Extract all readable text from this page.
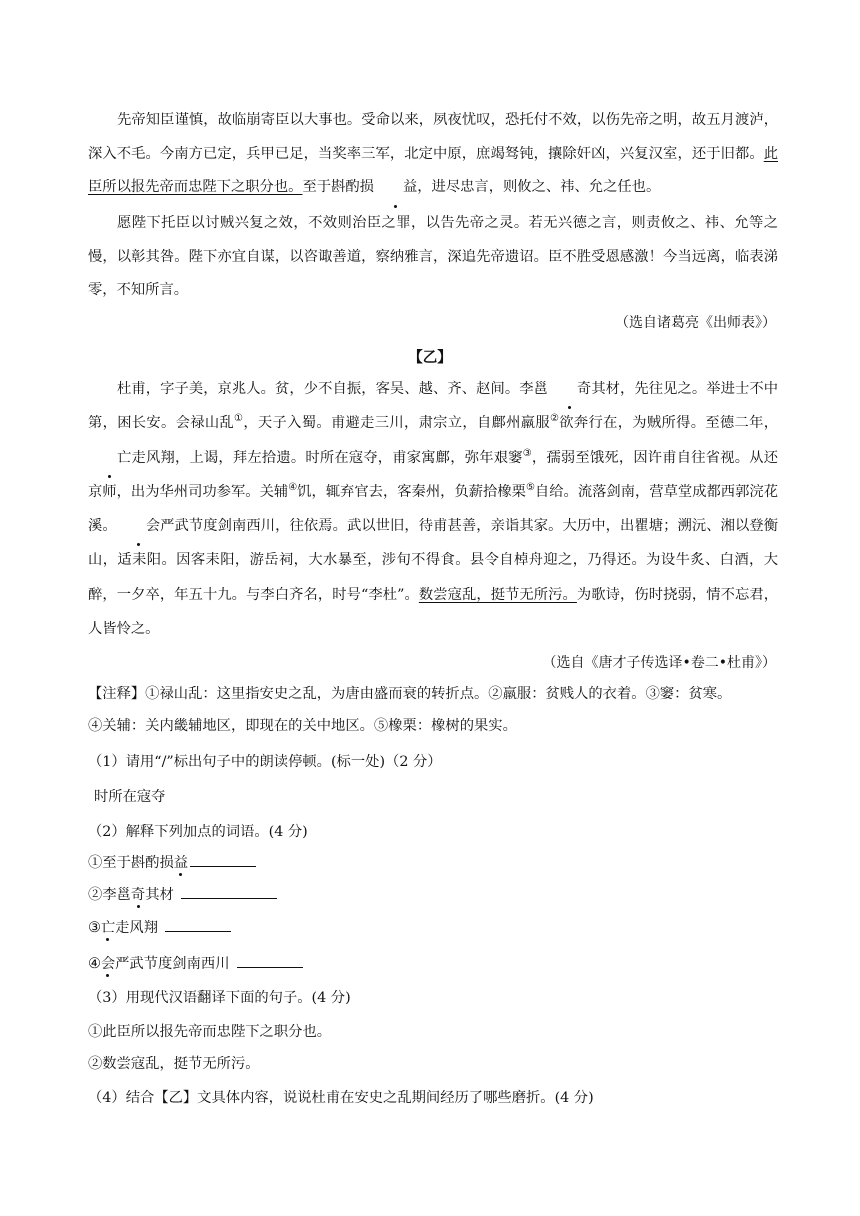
先帝知臣谨慎，故临崩寄臣以大事也。受命以来，夙夜忧叹，恐托付不效，以伤先帝之明，故五月渡泸，深入不毛。今南方已定，兵甲已足，当奖率三军，北定中原，庶竭驽钝，攘除奸凶，兴复汉室，还于旧都。此臣所以报先帝而忠陛下之职分也。至于斟酌损 益，进尽忠言，则攸之、祎、允之任也。
愿陛下托臣以讨贼兴复之效，不效则治臣之罪，以告先帝之灵。若无兴德之言，则责攸之、祎、允等之慢，以彰其咎。陛下亦宜自谋，以咨诹善道，察纳雅言，深追先帝遗诏。臣不胜受恩感激！今当远离，临表涕零，不知所言。
（选自诸葛亮《出师表》）
【乙】
杜甫，字子美，京兆人。贫，少不自振，客吴、越、齐、赵间。李邕 奇其材，先往见之。举进士不中第，困长安。会禄山乱①，天子入蜀。甫避走三川，肃宗立，自鄜州羸服②欲奔行在，为贼所得。至德二年，亡走风翔，上谒，拜左拾遗。时所在寇夺，甫家寓鄜，弥年艰窭③，孺弱至饿死，因许甫自往省视。从还京师，出为华州司功参军。关辅④饥，辄弃官去，客秦州，负薪拾橡栗⑤自给。流落剑南，营草堂成都西郭浣花溪。 会严武节度剑南西川，往依焉。武以世旧，待甫甚善，亲诣其家。大历中，出瞿塘；溯沅、湘以登衡山，适耒阳。因客耒阳，游岳祠，大水暴至，涉旬不得食。县令自棹舟迎之，乃得还。为设牛炙、白酒，大醉，一夕卒，年五十九。与李白齐名，时号“李杜”。数尝寇乱，挺节无所污。为歌诗，伤时挠弱，情不忘君，人皆怜之。
（选自《唐才子传选译•卷二•杜甫》）
【注释】①禄山乱：这里指安史之乱，为唐由盛而衰的转折点。②羸服：贫贱人的衣着。③窭：贫寒。
④关辅：关内畿辅地区，即现在的关中地区。⑤橡栗：橡树的果实。
（1）请用“/”标出句子中的朗读停顿。(标一处)（2 分）
时所在寇夺
（2）解释下列加点的词语。(4 分)
①至于斟酌损益
②李邕奇其材
③亡走风翔
④会严武节度剑南西川
（3）用现代汉语翻译下面的句子。(4 分)
①此臣所以报先帝而忠陛下之职分也。
②数尝寇乱，挺节无所污。
（4）结合【乙】文具体内容，说说杜甫在安史之乱期间经历了哪些磨折。(4 分)
